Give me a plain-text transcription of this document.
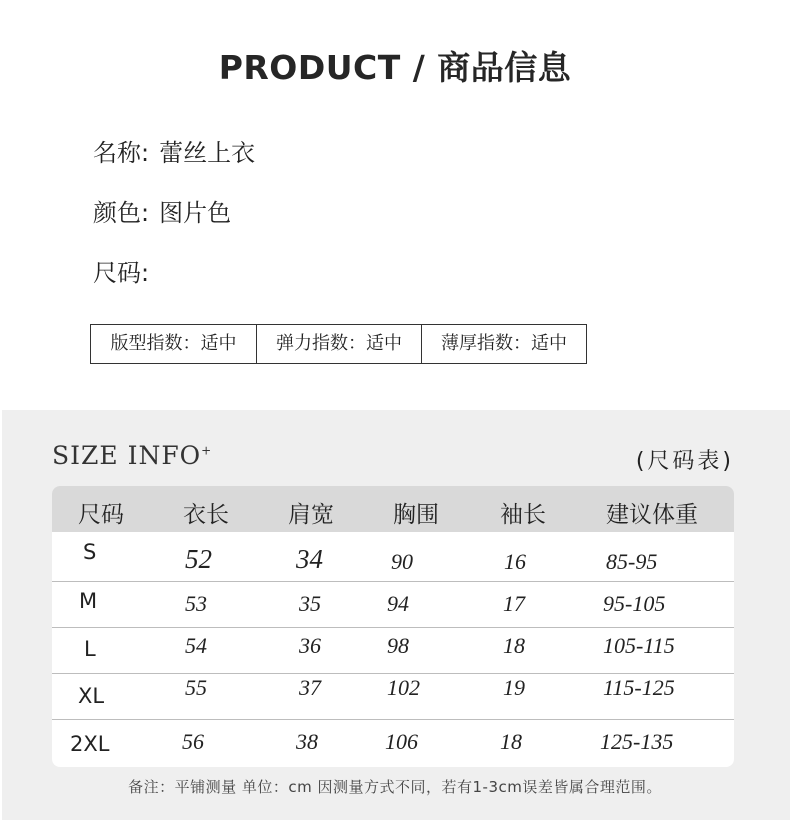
PRODUCT / 商品信息
名称: 蕾丝上衣
颜色: 图片色
尺码:
版型指数：适中	弹力指数：适中	薄厚指数：适中
SIZE INFO+	(尺码表)
尺码	衣长	肩宽	胸围	袖长	建议体重
S	52	34	90	16	85-95
M	53	35	94	17	95-105
L	54	36	98	18	105-115
XL	55	37	102	19	115-125
2XL	56	38	106	18	125-135
备注：平铺测量 单位：cm 因测量方式不同，若有1-3cm误差皆属合理范围。
